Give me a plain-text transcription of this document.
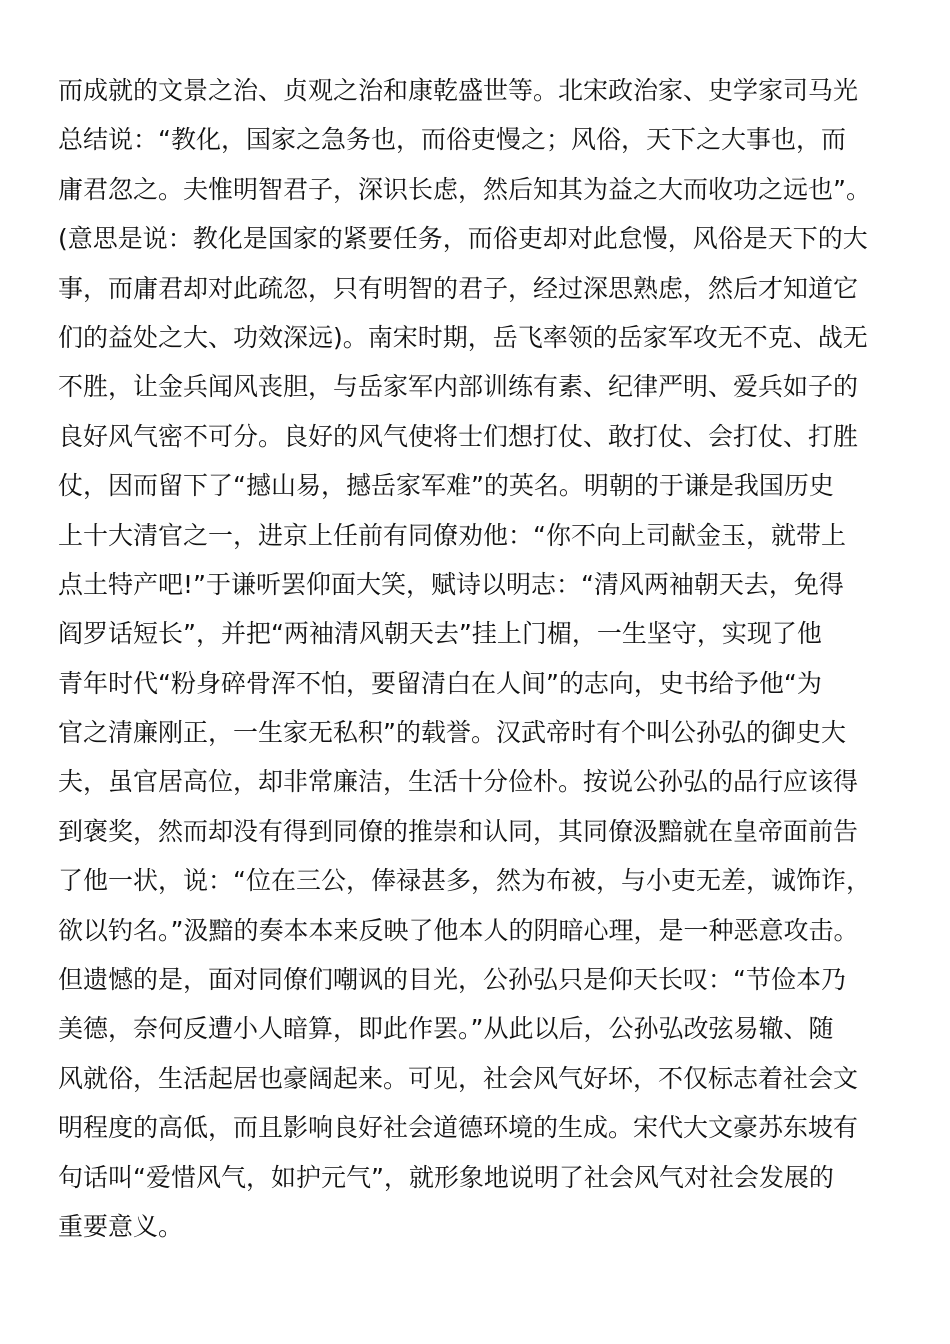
而成就的文景之治、贞观之治和康乾盛世等。北宋政治家、史学家司马光
总结说：“教化，国家之急务也，而俗吏慢之；风俗，天下之大事也，而
庸君忽之。夫惟明智君子，深识长虑，然后知其为益之大而收功之远也”。
(意思是说：教化是国家的紧要任务，而俗吏却对此怠慢，风俗是天下的大
事，而庸君却对此疏忽，只有明智的君子，经过深思熟虑，然后才知道它
们的益处之大、功效深远)。南宋时期，岳飞率领的岳家军攻无不克、战无
不胜，让金兵闻风丧胆，与岳家军内部训练有素、纪律严明、爱兵如子的
良好风气密不可分。良好的风气使将士们想打仗、敢打仗、会打仗、打胜
仗，因而留下了“撼山易，撼岳家军难”的英名。明朝的于谦是我国历史
上十大清官之一，进京上任前有同僚劝他：“你不向上司献金玉，就带上
点土特产吧!”于谦听罢仰面大笑，赋诗以明志：“清风两袖朝天去，免得
阎罗话短长”，并把“两袖清风朝天去”挂上门楣，一生坚守，实现了他
青年时代“粉身碎骨浑不怕，要留清白在人间”的志向，史书给予他“为
官之清廉刚正，一生家无私积”的载誉。汉武帝时有个叫公孙弘的御史大
夫，虽官居高位，却非常廉洁，生活十分俭朴。按说公孙弘的品行应该得
到褒奖，然而却没有得到同僚的推崇和认同，其同僚汲黯就在皇帝面前告
了他一状，说：“位在三公，俸禄甚多，然为布被，与小吏无差，诚饰诈，
欲以钓名。”汲黯的奏本本来反映了他本人的阴暗心理，是一种恶意攻击。
但遗憾的是，面对同僚们嘲讽的目光，公孙弘只是仰天长叹：“节俭本乃
美德，奈何反遭小人暗算，即此作罢。”从此以后，公孙弘改弦易辙、随
风就俗，生活起居也豪阔起来。可见，社会风气好坏，不仅标志着社会文
明程度的高低，而且影响良好社会道德环境的生成。宋代大文豪苏东坡有
句话叫“爱惜风气，如护元气”，就形象地说明了社会风气对社会发展的
重要意义。
